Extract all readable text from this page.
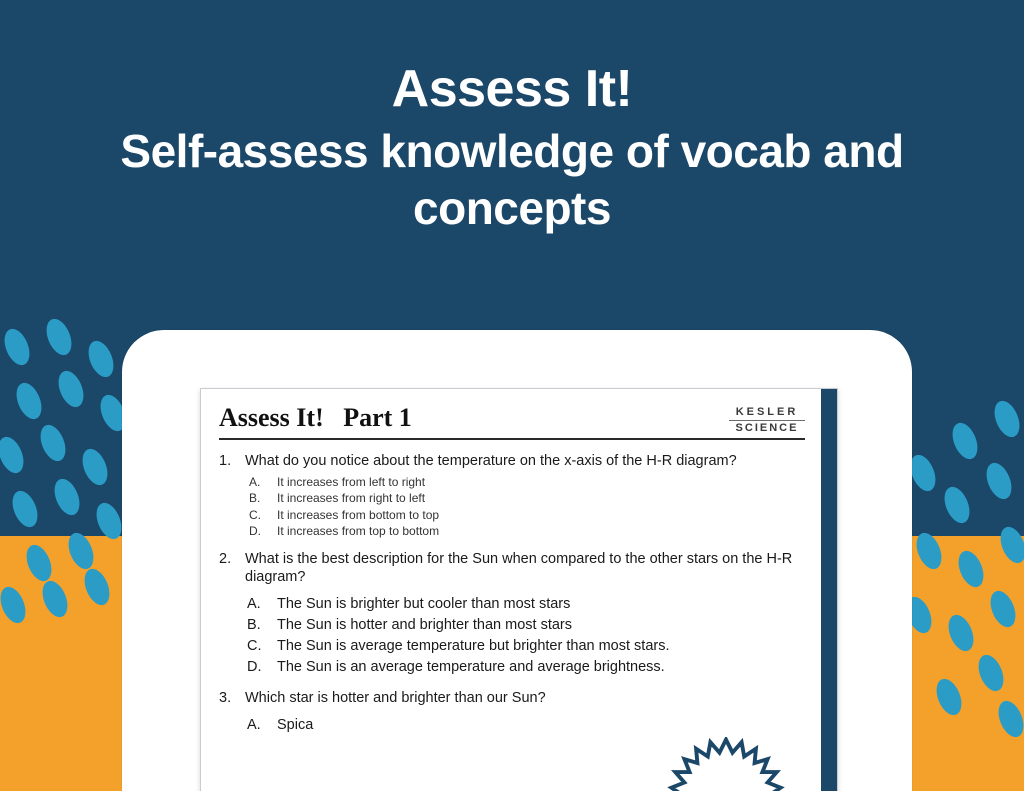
Assess It!
Self-assess knowledge of vocab and concepts
Assess It!   Part 1	KESLER
SCIENCE
1. What do you notice about the temperature on the x-axis of the H-R diagram?
A.	It increases from left to right
B.	It increases from right to left
C.	It increases from bottom to top
D.	It increases from top to bottom
2. What is the best description for the Sun when compared to the other stars on the H-R diagram?
A.	The Sun is brighter but cooler than most stars
B.	The Sun is hotter and brighter than most stars
C.	The Sun is average temperature but brighter than most stars.
D.	The Sun is an average temperature and average brightness.
3. Which star is hotter and brighter than our Sun?
A.	Spica
